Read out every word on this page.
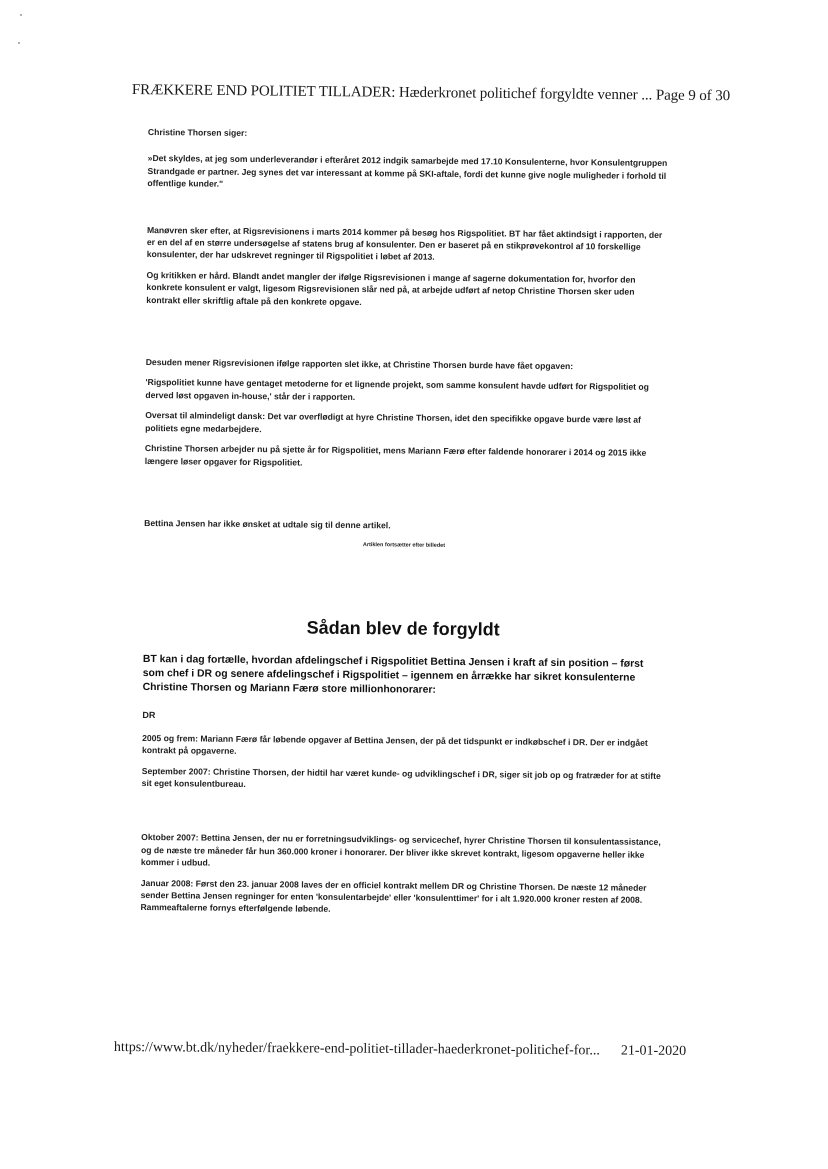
FRÆKKERE END POLITIET TILLADER: Hæderkronet politichef forgyldte venner ... Page 9 of 30

Christine Thorsen siger:

»Det skyldes, at jeg som underleverandør i efteråret 2012 indgik samarbejde med 17.10 Konsulenterne, hvor Konsulentgruppen Strandgade er partner. Jeg synes det var interessant at komme på SKI-aftale, fordi det kunne give nogle muligheder i forhold til offentlige kunder."

Manøvren sker efter, at Rigsrevisionens i marts 2014 kommer på besøg hos Rigspolitiet. BT har fået aktindsigt i rapporten, der er en del af en større undersøgelse af statens brug af konsulenter. Den er baseret på en stikprøvekontrol af 10 forskellige konsulenter, der har udskrevet regninger til Rigspolitiet i løbet af 2013.

Og kritikken er hård. Blandt andet mangler der ifølge Rigsrevisionen i mange af sagerne dokumentation for, hvorfor den konkrete konsulent er valgt, ligesom Rigsrevisionen slår ned på, at arbejde udført af netop Christine Thorsen sker uden kontrakt eller skriftlig aftale på den konkrete opgave.

Desuden mener Rigsrevisionen ifølge rapporten slet ikke, at Christine Thorsen burde have fået opgaven:

'Rigspolitiet kunne have gentaget metoderne for et lignende projekt, som samme konsulent havde udført for Rigspolitiet og derved løst opgaven in-house,' står der i rapporten.

Oversat til almindeligt dansk: Det var overflødigt at hyre Christine Thorsen, idet den specifikke opgave burde være løst af politiets egne medarbejdere.

Christine Thorsen arbejder nu på sjette år for Rigspolitiet, mens Mariann Færø efter faldende honorarer i 2014 og 2015 ikke længere løser opgaver for Rigspolitiet.

Bettina Jensen har ikke ønsket at udtale sig til denne artikel.

Artiklen fortsætter efter billedet

Sådan blev de forgyldt

BT kan i dag fortælle, hvordan afdelingschef i Rigspolitiet Bettina Jensen i kraft af sin position – først som chef i DR og senere afdelingschef i Rigspolitiet – igennem en årrække har sikret konsulenterne Christine Thorsen og Mariann Færø store millionhonorarer:

DR

2005 og frem: Mariann Færø får løbende opgaver af Bettina Jensen, der på det tidspunkt er indkøbschef i DR. Der er indgået kontrakt på opgaverne.

September 2007: Christine Thorsen, der hidtil har været kunde- og udviklingschef i DR, siger sit job op og fratræder for at stifte sit eget konsulentbureau.

Oktober 2007: Bettina Jensen, der nu er forretningsudviklings- og servicechef, hyrer Christine Thorsen til konsulentassistance, og de næste tre måneder får hun 360.000 kroner i honorarer. Der bliver ikke skrevet kontrakt, ligesom opgaverne heller ikke kommer i udbud.

Januar 2008: Først den 23. januar 2008 laves der en officiel kontrakt mellem DR og Christine Thorsen. De næste 12 måneder sender Bettina Jensen regninger for enten 'konsulentarbejde' eller 'konsulenttimer' for i alt 1.920.000 kroner resten af 2008. Rammeaftalerne fornys efterfølgende løbende.

https://www.bt.dk/nyheder/fraekkere-end-politiet-tillader-haederkronet-politichef-for... 21-01-2020
